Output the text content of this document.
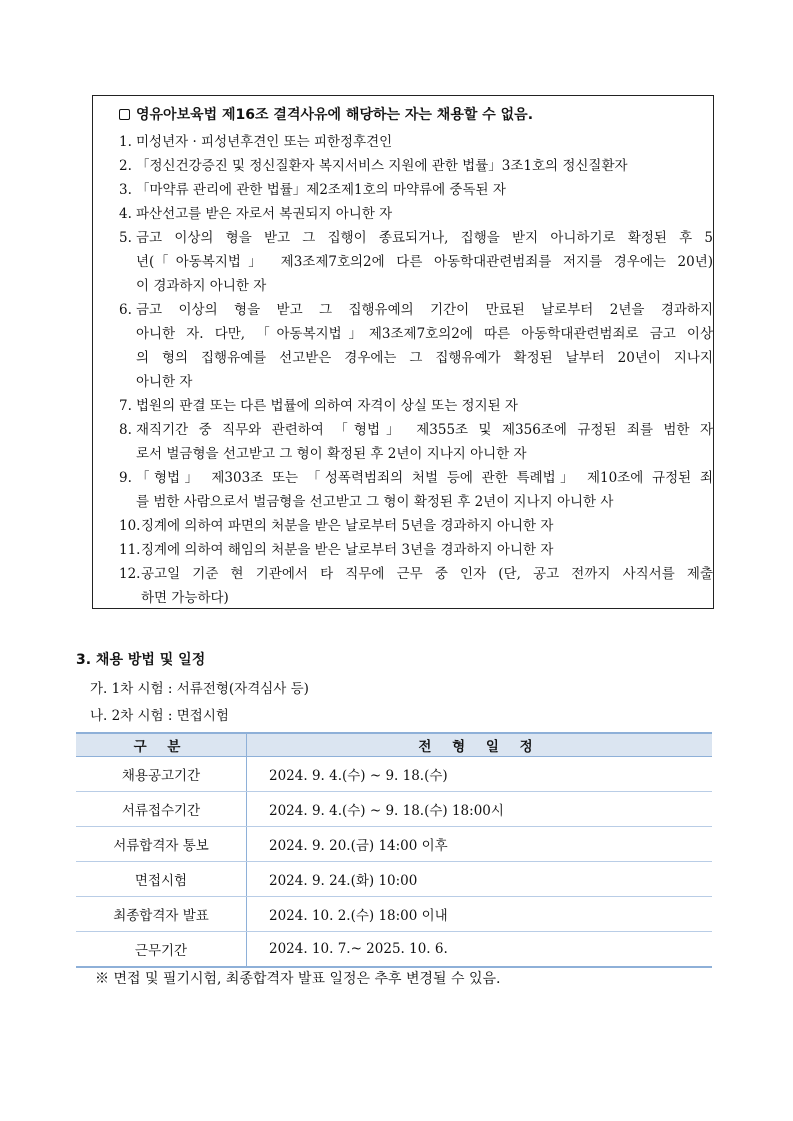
영유아보육법 제16조 결격사유에 해당하는 자는 채용할 수 없음.
1. 미성년자 · 피성년후견인 또는 피한정후견인
2. 「정신건강증진 및 정신질환자 복지서비스 지원에 관한 법률」3조1호의 정신질환자
3. 「마약류 관리에 관한 법률」제2조제1호의 마약류에 중독된 자
4. 파산선고를 받은 자로서 복권되지 아니한 자
5. 금고 이상의 형을 받고 그 집행이 종료되거나, 집행을 받지 아니하기로 확정된 후 5
년(「아동복지법」 제3조제7호의2에 다른 아동학대관련범죄를 저지를 경우에는 20년)
이 경과하지 아니한 자
6. 금고 이상의 형을 받고 그 집행유예의 기간이 만료된 날로부터 2년을 경과하지
아니한 자. 다만, 「아동복지법」제3조제7호의2에 따른 아동학대관련범죄로 금고 이상
의 형의 집행유예를 선고받은 경우에는 그 집행유예가 확정된 날부터 20년이 지나지
아니한 자
7. 법원의 판결 또는 다른 법률에 의하여 자격이 상실 또는 정지된 자
8. 재직기간 중 직무와 관련하여 「형법」 제355조 및 제356조에 규정된 죄를 범한 자
로서 벌금형을 선고받고 그 형이 확정된 후 2년이 지나지 아니한 자
9. 「형법」 제303조 또는 「성폭력범죄의 처벌 등에 관한 특례법」 제10조에 규정된 죄
를 범한 사람으로서 벌금형을 선고받고 그 형이 확정된 후 2년이 지나지 아니한 사
10. 징계에 의하여 파면의 처분을 받은 날로부터 5년을 경과하지 아니한 자
11. 징계에 의하여 해임의 처분을 받은 날로부터 3년을 경과하지 아니한 자
12. 공고일 기준 현 기관에서 타 직무에 근무 중 인자 (단, 공고 전까지 사직서를 제출
하면 가능하다)
3. 채용 방법 및 일정
가. 1차 시험 : 서류전형(자격심사 등)
나. 2차 시험 : 면접시험
구 분	전 형 일 정
채용공고기간	2024. 9. 4.(수) ~ 9. 18.(수)
서류접수기간	2024. 9. 4.(수) ~ 9. 18.(수) 18:00시
서류합격자 통보	2024. 9. 20.(금) 14:00 이후
면접시험	2024. 9. 24.(화) 10:00
최종합격자 발표	2024. 10. 2.(수) 18:00 이내
근무기간	2024. 10. 7.~ 2025. 10. 6.
※ 면접 및 필기시험, 최종합격자 발표 일정은 추후 변경될 수 있음.
